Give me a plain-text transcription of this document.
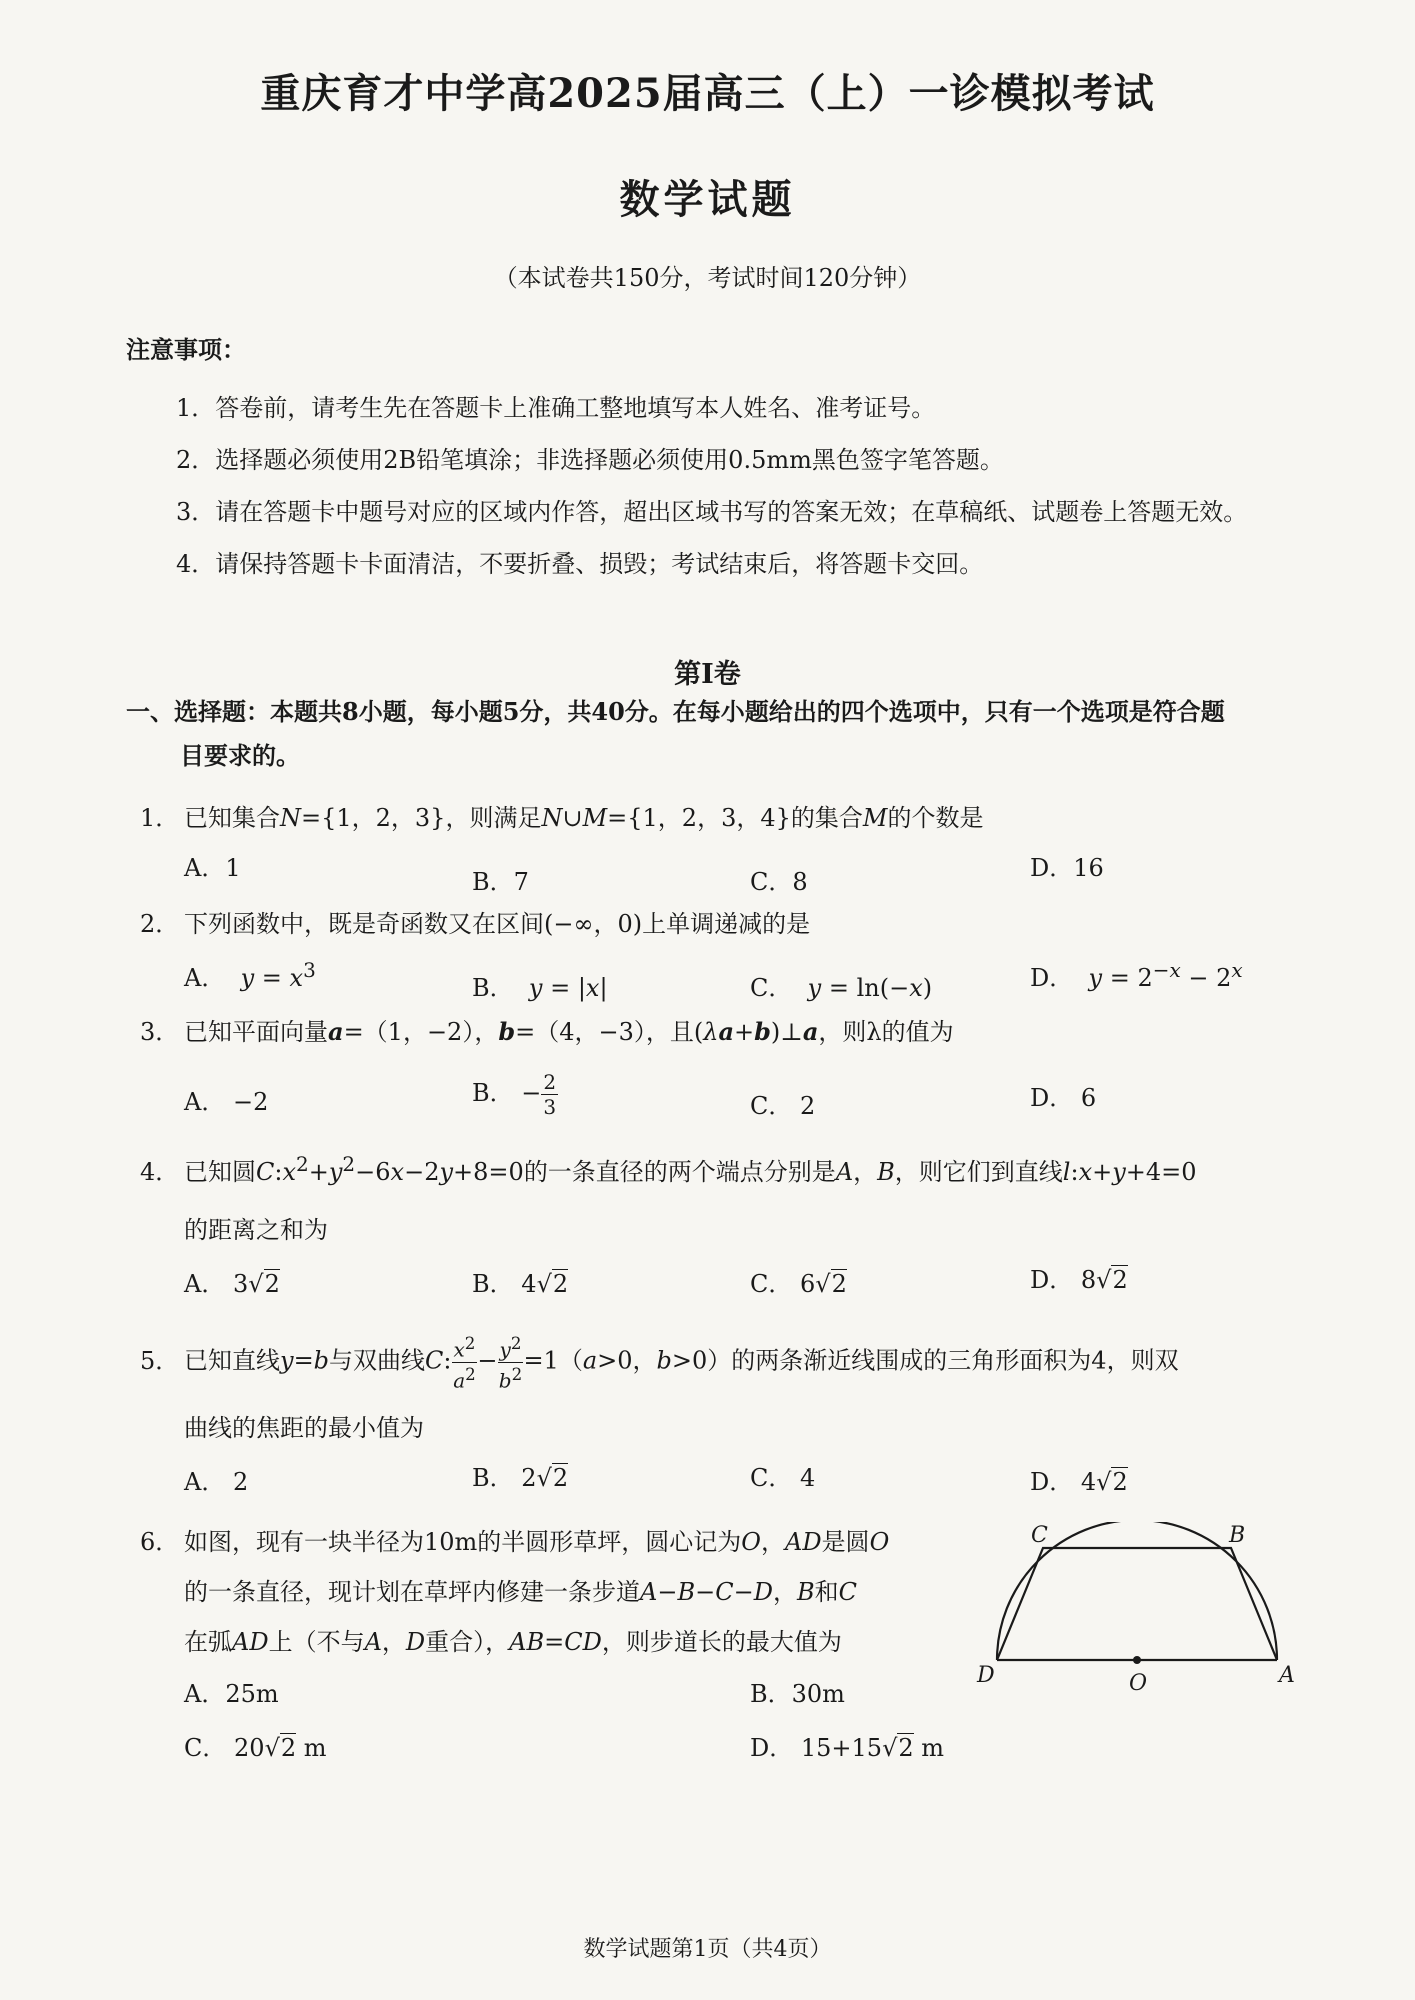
重庆育才中学高2025届高三（上）一诊模拟考试
数学试题
（本试卷共150分，考试时间120分钟）
注意事项：
1．答卷前，请考生先在答题卡上准确工整地填写本人姓名、准考证号。
2．选择题必须使用2B铅笔填涂；非选择题必须使用0.5mm黑色签字笔答题。
3．请在答题卡中题号对应的区域内作答，超出区域书写的答案无效；在草稿纸、试题卷上答题无效。
4．请保持答题卡卡面清洁，不要折叠、损毁；考试结束后，将答题卡交回。
第Ⅰ卷
一、选择题：本题共8小题，每小题5分，共40分。在每小题给出的四个选项中，只有一个选项是符合题
目要求的。
1． 已知集合N={1，2，3}，则满足N∪M={1，2，3，4}的集合M的个数是
A．1	B．7	C．8	D．16
2． 下列函数中，既是奇函数又在区间(−∞，0)上单调递减的是
A． $y = x^3$
B． y = |x|	C． y = ln(−x)	D． $y = 2^{-x} - 2^x$
3． 已知平面向量a=（1，−2），b=（4，−3），且(λa+b)⊥a，则λ的值为
A． −2	B． − $\frac{2}{3}$	C． 2	D． 6
4． 已知圆$C:x^2+y^2-6x-2y+8=0$的一条直径的两个端点分别是A，B，则它们到直线l:x+y+4=0
的距离之和为
A． 3√2	B． 4√2	C． 6√2	D． 8√2
5． 已知直线y=b与双曲线C: $\frac{x^2}{a^2} - \frac{y^2}{b^2} =1(a>0$，b>0）的两条渐近线围成的三角形面积为4，则双
曲线的焦距的最小值为
A． 2	B． 2√2	C． 4	D． 4√2
6． 如图，现有一块半径为10m的半圆形草坪，圆心记为O，AD是圆O
的一条直径，现计划在草坪内修建一条步道A−B−C−D，B和C
在弧AD上（不与A，D重合），AB=CD，则步道长的最大值为
A．25m	B．30m
C． 20√2 m	D． 15+15√2 m
C	B
D	O	A
数学试题第1页（共4页）
